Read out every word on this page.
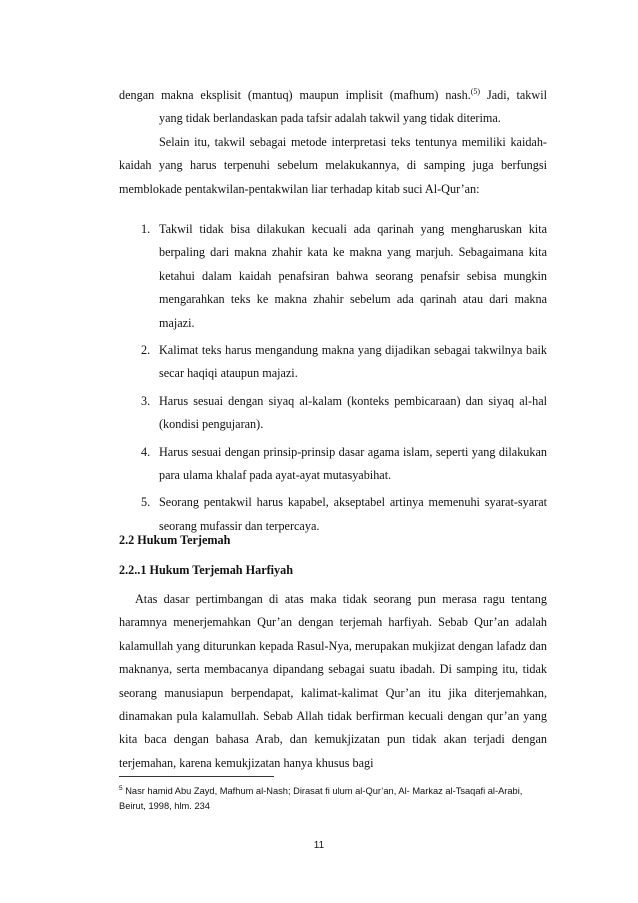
dengan makna eksplisit (mantuq) maupun implisit (mafhum) nash.$^{(5)}$ Jadi, takwil
yang tidak berlandaskan pada tafsir adalah takwil yang tidak diterima.
Selain itu, takwil sebagai metode interpretasi teks tentunya memiliki kaidah-kaidah yang harus terpenuhi sebelum melakukannya, di samping juga berfungsi memblokade pentakwilan-pentakwilan liar terhadap kitab suci Al-Qur’an:
1. Takwil tidak bisa dilakukan kecuali ada qarinah yang mengharuskan kita berpaling dari makna zhahir kata ke makna yang marjuh. Sebagaimana kita ketahui dalam kaidah penafsiran bahwa seorang penafsir sebisa mungkin mengarahkan teks ke makna zhahir sebelum ada qarinah atau dari makna majazi.
2. Kalimat teks harus mengandung makna yang dijadikan sebagai takwilnya baik secar haqiqi ataupun majazi.
3. Harus sesuai dengan siyaq al-kalam (konteks pembicaraan) dan siyaq al-hal (kondisi pengujaran).
4. Harus sesuai dengan prinsip-prinsip dasar agama islam, seperti yang dilakukan para ulama khalaf pada ayat-ayat mutasyabihat.
5. Seorang pentakwil harus kapabel, akseptabel artinya memenuhi syarat-syarat seorang mufassir dan terpercaya.
2.2 Hukum Terjemah
2.2..1 Hukum Terjemah Harfiyah
Atas dasar pertimbangan di atas maka tidak seorang pun merasa ragu tentang haramnya menerjemahkan Qur’an dengan terjemah harfiyah. Sebab Qur’an adalah kalamullah yang diturunkan kepada Rasul-Nya, merupakan mukjizat dengan lafadz dan maknanya, serta membacanya dipandang sebagai suatu ibadah. Di samping itu, tidak seorang manusiapun berpendapat, kalimat-kalimat Qur’an itu jika diterjemahkan, dinamakan pula kalamullah. Sebab Allah tidak berfirman kecuali dengan qur’an yang kita baca dengan bahasa Arab, dan kemukjizatan pun tidak akan terjadi dengan terjemahan, karena kemukjizatan hanya khusus bagi
$^5$ Nasr hamid Abu Zayd, Mafhum al-Nash; Dirasat fi ulum al-Qur’an, Al- Markaz al-Tsaqafi al-Arabi, Beirut, 1998, hlm. 234
11
